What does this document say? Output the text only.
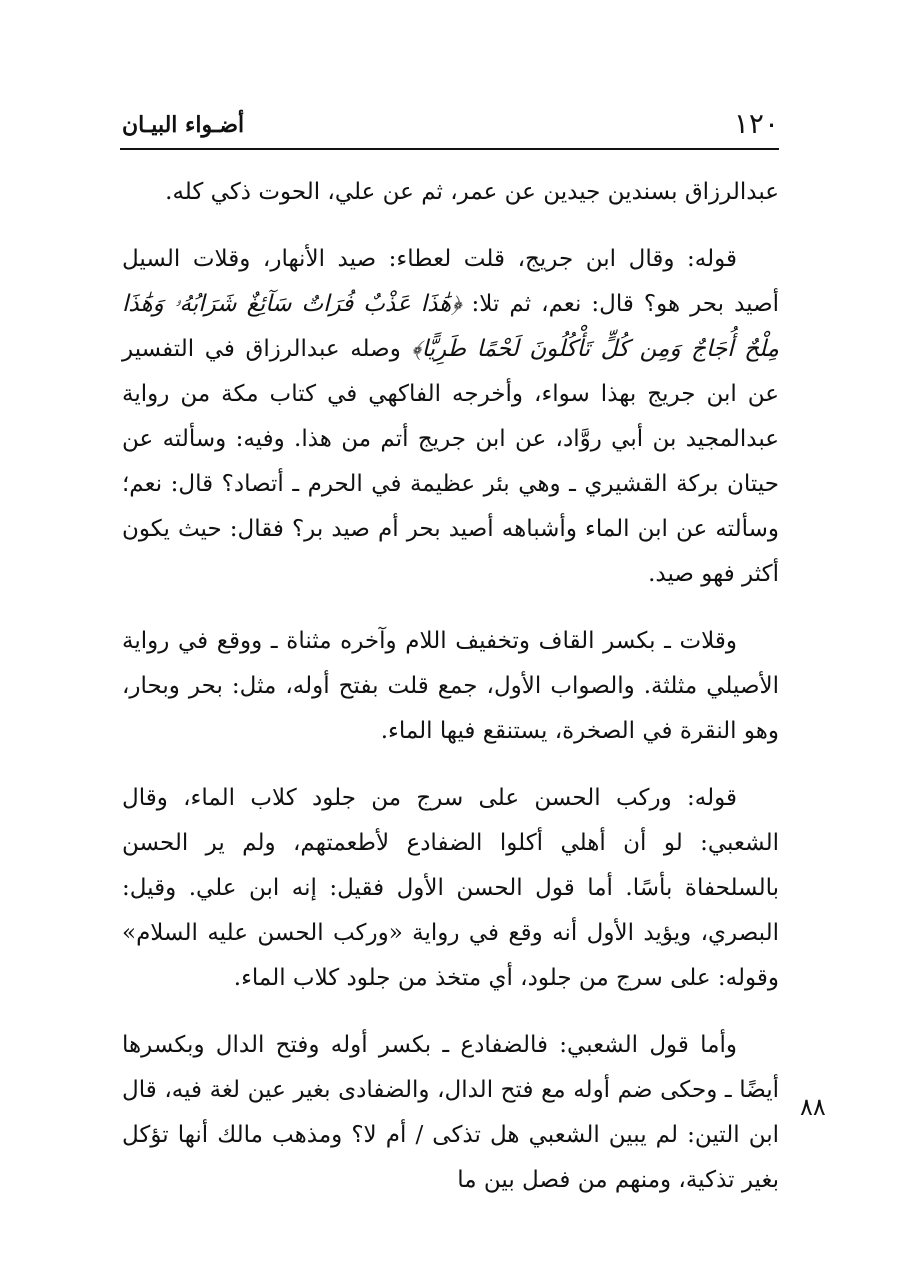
١٢٠
أضـواء البيـان

عبدالرزاق بسندين جيدين عن عمر، ثم عن علي، الحوت ذكي كله.

قوله: وقال ابن جريج، قلت لعطاء: صيد الأنهار، وقلات السيل أصيد بحر هو؟ قال: نعم، ثم تلا: ﴿هَٰذَا عَذْبٌ فُرَاتٌ سَآئِغٌ شَرَابُهُۥ وَهَٰذَا مِلْحٌ أُجَاجٌ وَمِن كُلٍّ تَأْكُلُونَ لَحْمًا طَرِيًّا﴾ وصله عبدالرزاق في التفسير عن ابن جريج بهذا سواء، وأخرجه الفاكهي في كتاب مكة من رواية عبدالمجيد بن أبي روَّاد، عن ابن جريج أتم من هذا. وفيه: وسألته عن حيتان بركة القشيري ـ وهي بئر عظيمة في الحرم ـ أتصاد؟ قال: نعم؛ وسألته عن ابن الماء وأشباهه أصيد بحر أم صيد بر؟ فقال: حيث يكون أكثر فهو صيد.

وقلات ـ بكسر القاف وتخفيف اللام وآخره مثناة ـ ووقع في رواية الأصيلي مثلثة. والصواب الأول، جمع قلت بفتح أوله، مثل: بحر وبحار، وهو النقرة في الصخرة، يستنقع فيها الماء.

قوله: وركب الحسن على سرج من جلود كلاب الماء، وقال الشعبي: لو أن أهلي أكلوا الضفادع لأطعمتهم، ولم ير الحسن بالسلحفاة بأسًا. أما قول الحسن الأول فقيل: إنه ابن علي. وقيل: البصري، ويؤيد الأول أنه وقع في رواية «وركب الحسن عليه السلام» وقوله: على سرج من جلود، أي متخذ من جلود كلاب الماء.

وأما قول الشعبي: فالضفادع ـ بكسر أوله وفتح الدال وبكسرها أيضًا ـ وحكى ضم أوله مع فتح الدال، والضفادى بغير عين لغة فيه، قال ابن التين: لم يبين الشعبي هل تذكى / أم لا؟ ومذهب مالك أنها تؤكل بغير تذكية، ومنهم من فصل بين ما

٨٨
